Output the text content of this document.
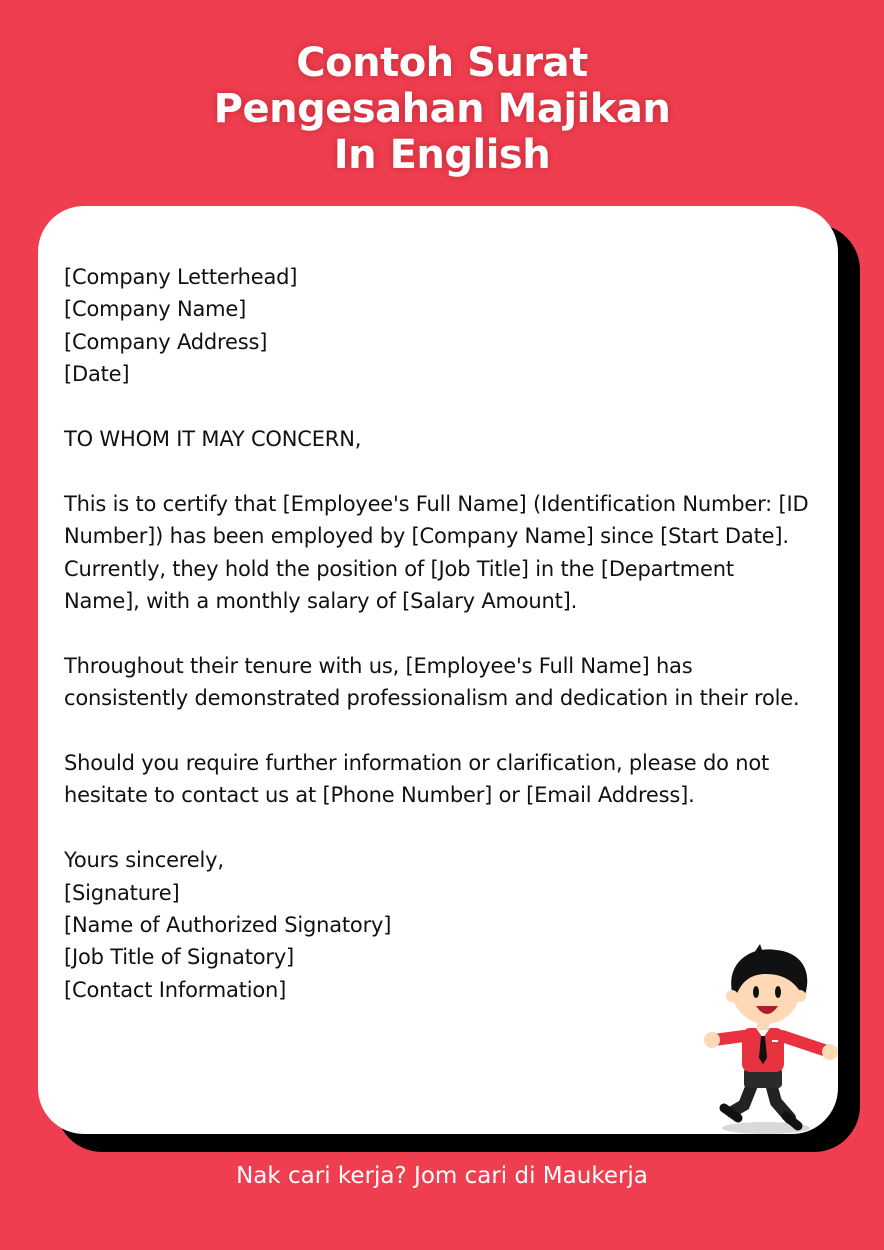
Contoh Surat
Pengesahan Majikan
In English

[Company Letterhead]

[Company Name]

[Company Address]

[Date]

TO WHOM IT MAY CONCERN,

This is to certify that [Employee's Full Name] (Identification Number: [ID Number]) has been employed by [Company Name] since [Start Date]. Currently, they hold the position of [Job Title] in the [Department Name], with a monthly salary of [Salary Amount].

Throughout their tenure with us, [Employee's Full Name] has consistently demonstrated professionalism and dedication in their role.

Should you require further information or clarification, please do not hesitate to contact us at [Phone Number] or [Email Address].

Yours sincerely,

[Signature]

[Name of Authorized Signatory]

[Job Title of Signatory]

[Contact Information]

Nak cari kerja? Jom cari di Maukerja
